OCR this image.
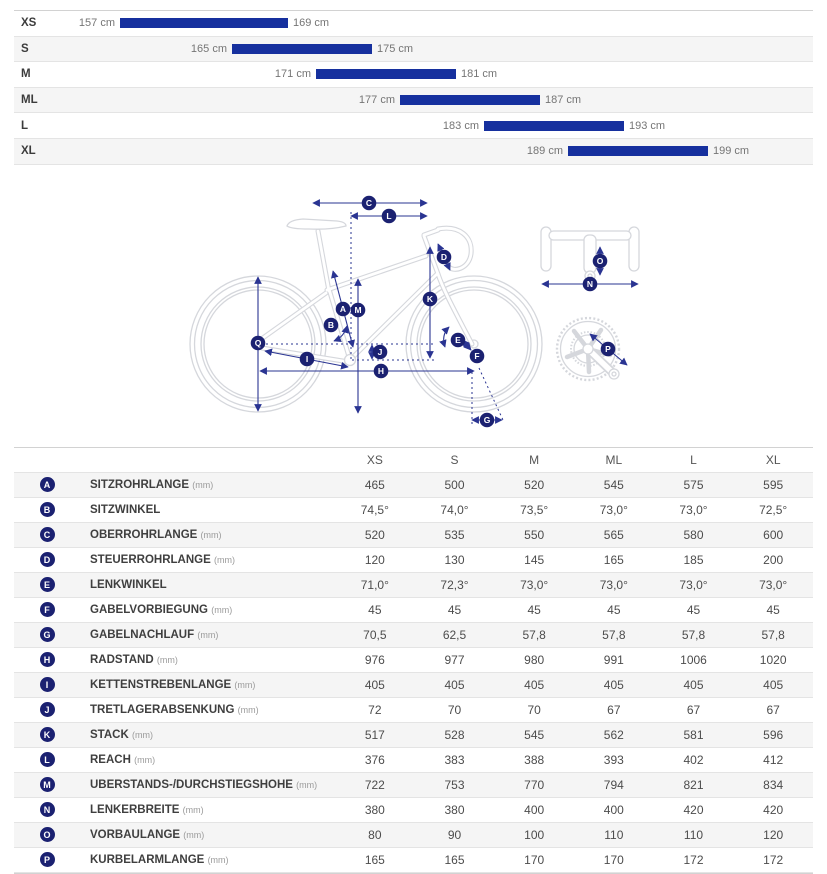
XS	157 cm	169 cm
S	165 cm	175 cm
M	171 cm	181 cm
ML	177 cm	187 cm
L	183 cm	193 cm
XL	189 cm	199 cm
A
B
C
D
E
F
G
H
I
J
K
L
M
N
O
P
Q
XS	S	M	ML	L	XL
A	SITZROHRLÄNGE (mm)	465	500	520	545	575	595
B	SITZWINKEL	74,5°	74,0°	73,5°	73,0°	73,0°	72,5°
C	OBERROHRLÄNGE (mm)	520	535	550	565	580	600
D	STEUERROHRLÄNGE (mm)	120	130	145	165	185	200
E	LENKWINKEL	71,0°	72,3°	73,0°	73,0°	73,0°	73,0°
F	GABELVORBIEGUNG (mm)	45	45	45	45	45	45
G	GABELNACHLAUF (mm)	70,5	62,5	57,8	57,8	57,8	57,8
H	RADSTAND (mm)	976	977	980	991	1006	1020
I	KETTENSTREBENLÄNGE (mm)	405	405	405	405	405	405
J	TRETLAGERABSENKUNG (mm)	72	70	70	67	67	67
K	STACK (mm)	517	528	545	562	581	596
L	REACH (mm)	376	383	388	393	402	412
M	ÜBERSTANDS-/DURCHSTIEGSHÖHE (mm)	722	753	770	794	821	834
N	LENKERBREITE (mm)	380	380	400	400	420	420
O	VORBAULÄNGE (mm)	80	90	100	110	110	120
P	KURBELARMLÄNGE (mm)	165	165	170	170	172	172
